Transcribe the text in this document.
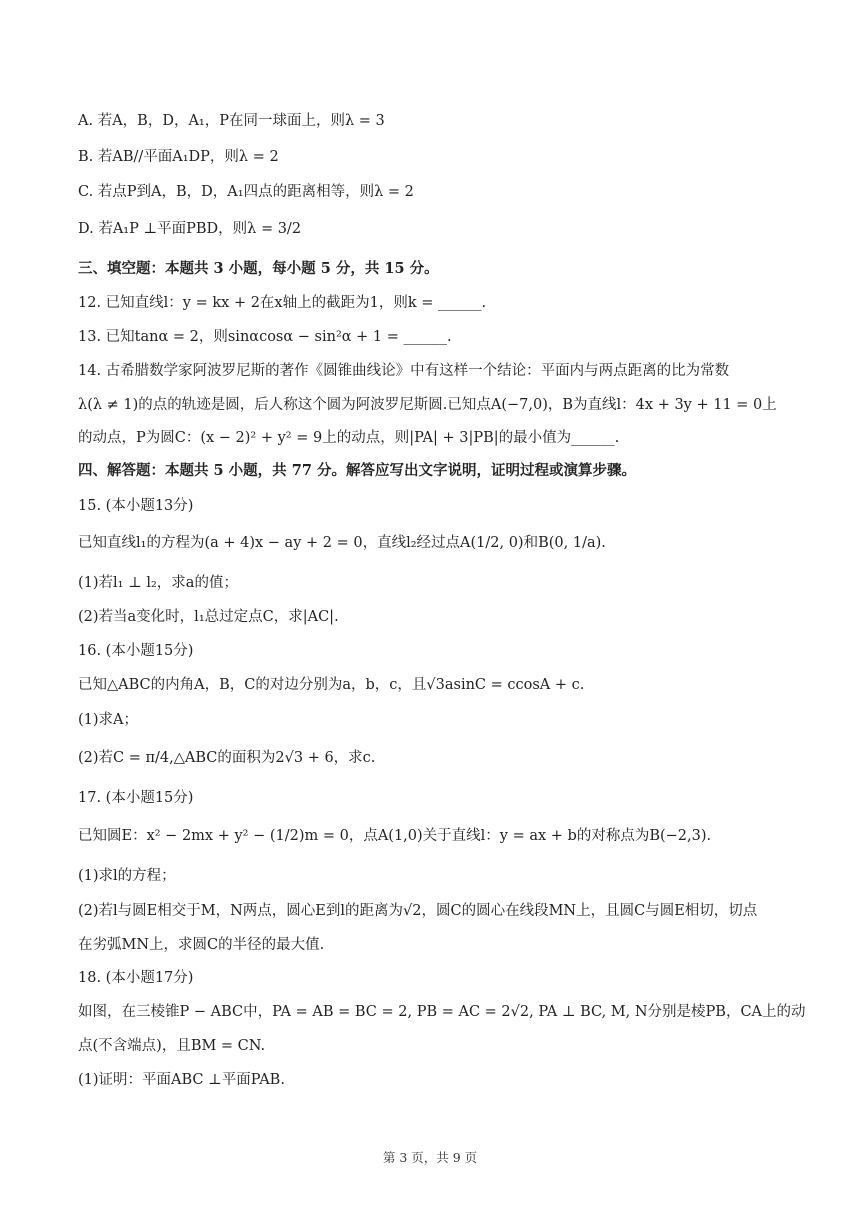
A. 若A，B，D，A₁，P在同一球面上，则λ = 3
B. 若AB//平面A₁DP，则λ = 2
C. 若点P到A，B，D，A₁四点的距离相等，则λ = 2
D. 若A₁P ⊥平面PBD，则λ = 3/2
三、填空题：本题共 3 小题，每小题 5 分，共 15 分。
12. 已知直线l：y = kx + 2在x轴上的截距为1，则k = ______.
13. 已知tanα = 2，则sinαcosα − sin²α + 1 = ______.
14. 古希腊数学家阿波罗尼斯的著作《圆锥曲线论》中有这样一个结论：平面内与两点距离的比为常数
λ(λ ≠ 1)的点的轨迹是圆，后人称这个圆为阿波罗尼斯圆.已知点A(−7,0)，B为直线l：4x + 3y + 11 = 0上
的动点，P为圆C：(x − 2)² + y² = 9上的动点，则|PA| + 3|PB|的最小值为______.
四、解答题：本题共 5 小题，共 77 分。解答应写出文字说明，证明过程或演算步骤。
15. (本小题13分)
已知直线l₁的方程为(a + 4)x − ay + 2 = 0，直线l₂经过点A(1/2, 0)和B(0, 1/a).
(1)若l₁ ⊥ l₂，求a的值；
(2)若当a变化时，l₁总过定点C，求|AC|.
16. (本小题15分)
已知△ABC的内角A，B，C的对边分别为a，b，c，且√3asinC = ccosA + c.
(1)求A；
(2)若C = π/4,△ABC的面积为2√3 + 6，求c.
17. (本小题15分)
已知圆E：x² − 2mx + y² − (1/2)m = 0，点A(1,0)关于直线l：y = ax + b的对称点为B(−2,3).
(1)求l的方程；
(2)若l与圆E相交于M，N两点，圆心E到l的距离为√2，圆C的圆心在线段MN上，且圆C与圆E相切，切点
在劣弧MN上，求圆C的半径的最大值.
18. (本小题17分)
如图，在三棱锥P − ABC中，PA = AB = BC = 2, PB = AC = 2√2, PA ⊥ BC, M, N分别是棱PB，CA上的动
点(不含端点)，且BM = CN.
(1)证明：平面ABC ⊥平面PAB.
第 3 页，共 9 页
